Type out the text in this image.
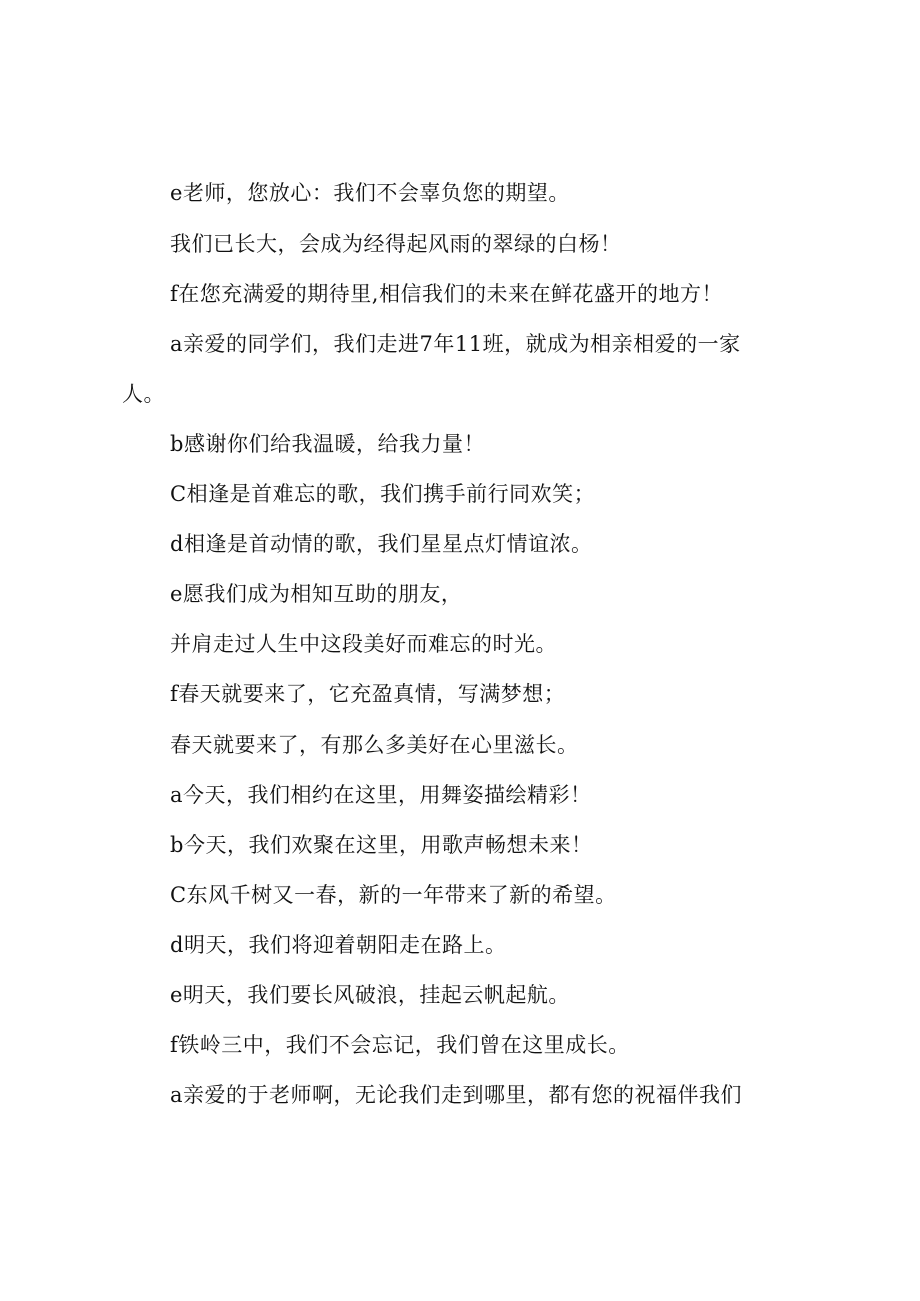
e老师，您放心：我们不会辜负您的期望。
我们已长大，会成为经得起风雨的翠绿的白杨！
f在您充满爱的期待里,相信我们的未来在鲜花盛开的地方！
a亲爱的同学们，我们走进7年11班，就成为相亲相爱的一家
人。
b感谢你们给我温暖，给我力量！
C相逢是首难忘的歌，我们携手前行同欢笑；
d相逢是首动情的歌，我们星星点灯情谊浓。
e愿我们成为相知互助的朋友，
并肩走过人生中这段美好而难忘的时光。
f春天就要来了，它充盈真情，写满梦想；
春天就要来了，有那么多美好在心里滋长。
a今天，我们相约在这里，用舞姿描绘精彩！
b今天，我们欢聚在这里，用歌声畅想未来！
C东风千树又一春，新的一年带来了新的希望。
d明天，我们将迎着朝阳走在路上。
e明天，我们要长风破浪，挂起云帆起航。
f铁岭三中，我们不会忘记，我们曾在这里成长。
a亲爱的于老师啊，无论我们走到哪里，都有您的祝福伴我们
